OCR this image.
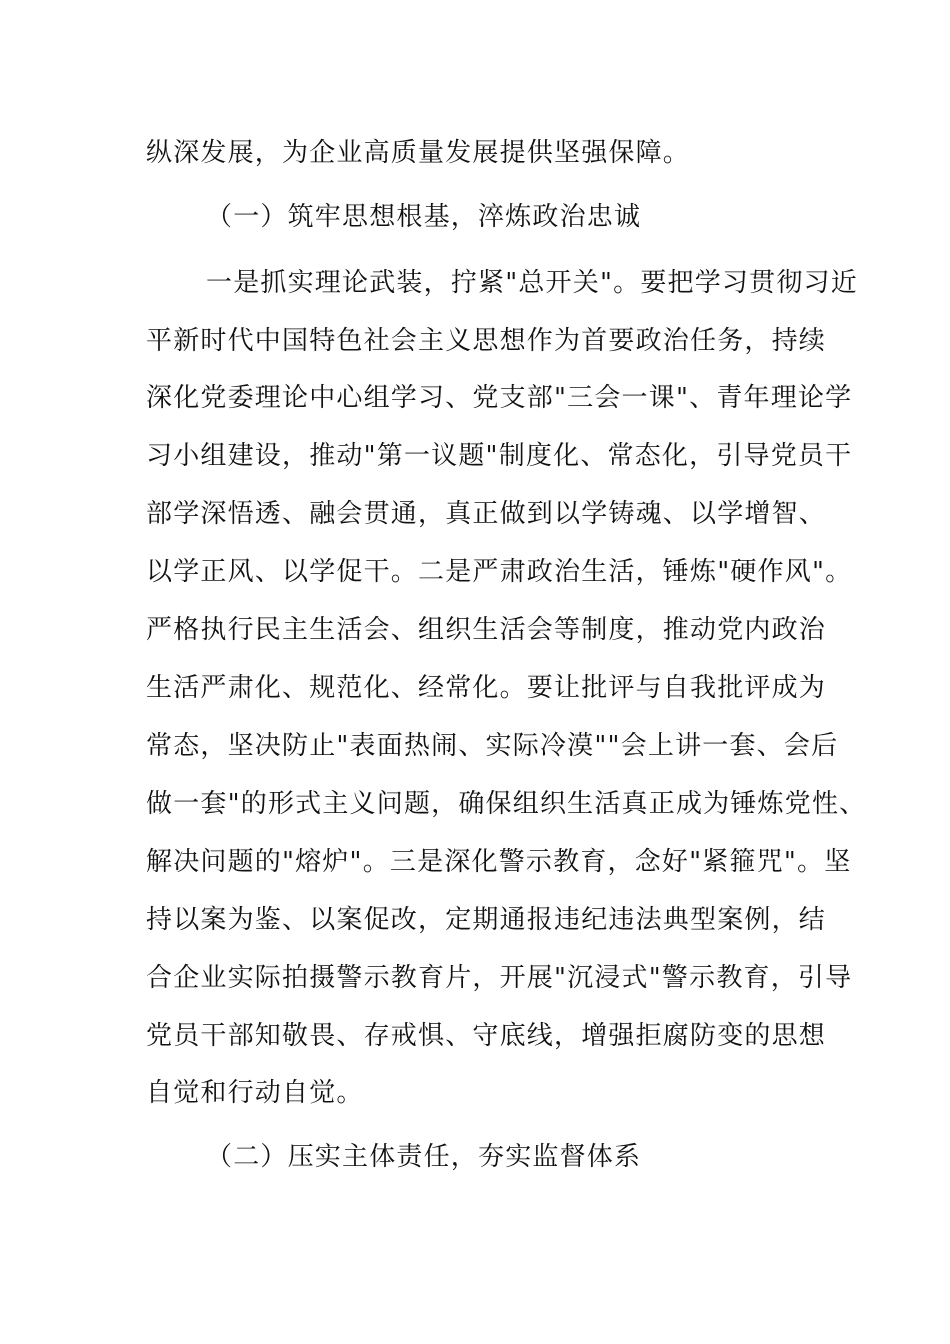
纵深发展，为企业高质量发展提供坚强保障。

（一）筑牢思想根基，淬炼政治忠诚

一是抓实理论武装，拧紧"总开关"。要把学习贯彻习近

平新时代中国特色社会主义思想作为首要政治任务，持续

深化党委理论中心组学习、党支部"三会一课"、青年理论学

习小组建设，推动"第一议题"制度化、常态化，引导党员干

部学深悟透、融会贯通，真正做到以学铸魂、以学增智、

以学正风、以学促干。二是严肃政治生活，锤炼"硬作风"。

严格执行民主生活会、组织生活会等制度，推动党内政治

生活严肃化、规范化、经常化。要让批评与自我批评成为

常态，坚决防止"表面热闹、实际冷漠""会上讲一套、会后

做一套"的形式主义问题，确保组织生活真正成为锤炼党性、

解决问题的"熔炉"。三是深化警示教育，念好"紧箍咒"。坚

持以案为鉴、以案促改，定期通报违纪违法典型案例，结

合企业实际拍摄警示教育片，开展"沉浸式"警示教育，引导

党员干部知敬畏、存戒惧、守底线，增强拒腐防变的思想

自觉和行动自觉。

（二）压实主体责任，夯实监督体系
